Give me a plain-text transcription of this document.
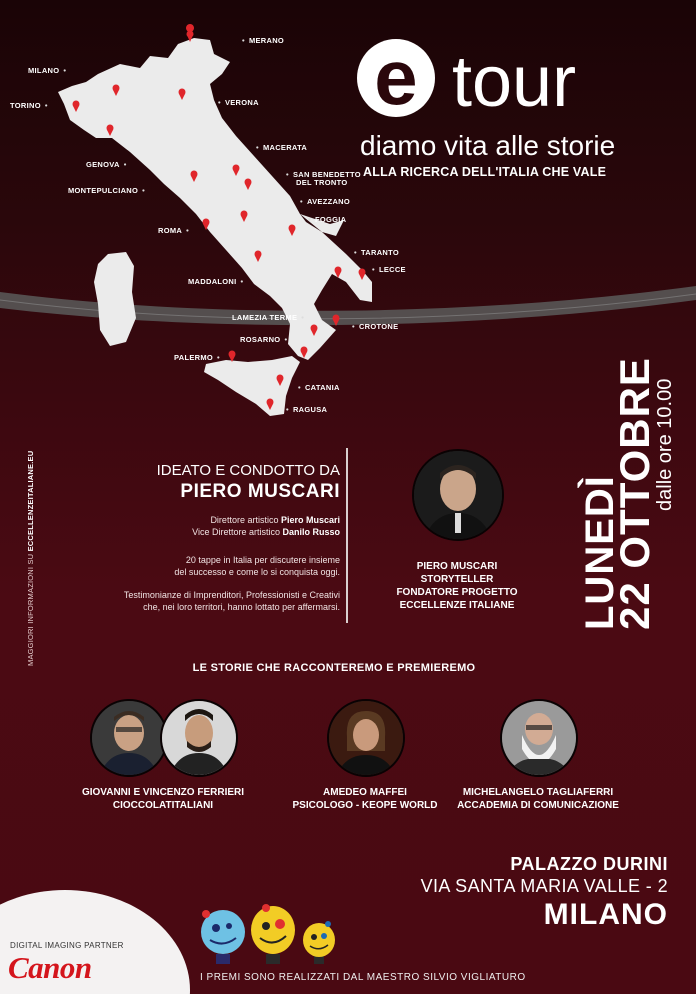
• MERANO
MILANO •
• VERONA
TORINO •
GENOVA •
• MACERATA
• SAN BENEDETTO
DEL TRONTO
MONTEPULCIANO •
• AVEZZANO
ROMA •
• FOGGIA
• TARANTO
• LECCE
MADDALONI •
LAMEZIA TERME •
• CROTONE
ROSARNO •
PALERMO •
• CATANIA
• RAGUSA
e tour
diamo vita alle storie
ALLA RICERCA DELL'ITALIA CHE VALE
MAGGIORI INFORMAZIONI SU ECCELLENZEITALIANE.EU	LUNEDÌ
22 OTTOBRE
dalle ore 10.00
IDEATO E CONDOTTO DA
PIERO MUSCARI
Direttore artistico Piero Muscari
Vice Direttore artistico Danilo Russo
20 tappe in Italia per discutere insieme
del successo e come lo si conquista oggi.
Testimonianze di Imprenditori, Professionisti e Creativi
che, nei loro territori, hanno lottato per affermarsi.
PIERO MUSCARI
STORYTELLER
FONDATORE PROGETTO
ECCELLENZE ITALIANE
LE STORIE CHE RACCONTEREMO E PREMIEREMO
GIOVANNI E VINCENZO FERRIERI
CIOCCOLATITALIANI
AMEDEO MAFFEI
PSICOLOGO - KEOPE WORLD
MICHELANGELO TAGLIAFERRI
ACCADEMIA DI COMUNICAZIONE
PALAZZO DURINI
VIA SANTA MARIA VALLE - 2
MILANO
DIGITAL IMAGING PARTNER
Canon	I PREMI SONO REALIZZATI DAL MAESTRO SILVIO VIGLIATURO
